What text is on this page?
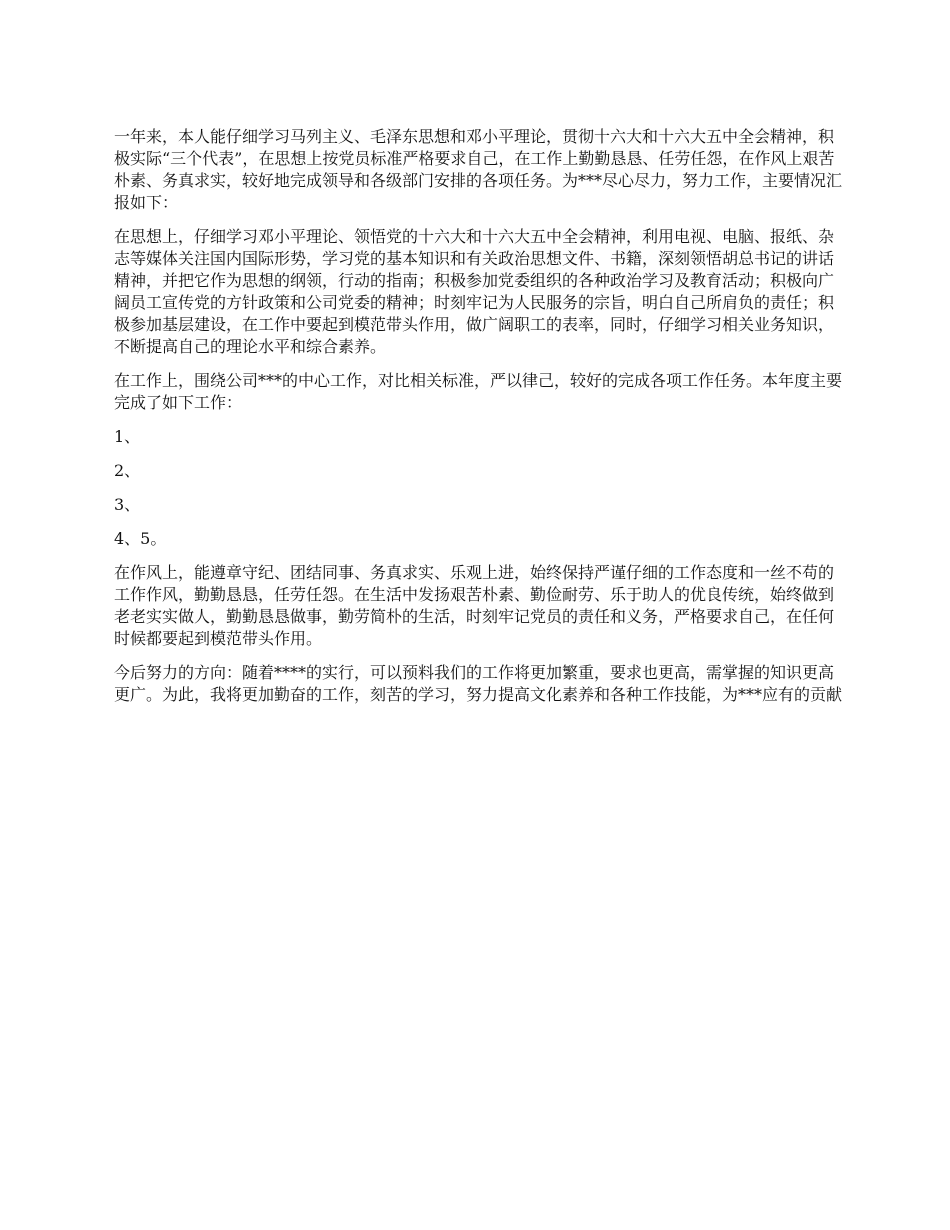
一年来，本人能仔细学习马列主义、毛泽东思想和邓小平理论，贯彻十六大和十六大五中全会精神，积极实际“三个代表”，在思想上按党员标准严格要求自己，在工作上勤勤恳恳、任劳任怨，在作风上艰苦朴素、务真求实，较好地完成领导和各级部门安排的各项任务。为***尽心尽力，努力工作，主要情况汇报如下：

在思想上，仔细学习邓小平理论、领悟党的十六大和十六大五中全会精神，利用电视、电脑、报纸、杂志等媒体关注国内国际形势，学习党的基本知识和有关政治思想文件、书籍，深刻领悟胡总书记的讲话精神，并把它作为思想的纲领，行动的指南；积极参加党委组织的各种政治学习及教育活动；积极向广阔员工宣传党的方针政策和公司党委的精神；时刻牢记为人民服务的宗旨，明白自己所肩负的责任；积极参加基层建设，在工作中要起到模范带头作用，做广阔职工的表率，同时，仔细学习相关业务知识，不断提高自己的理论水平和综合素养。

在工作上，围绕公司***的中心工作，对比相关标准，严以律己，较好的完成各项工作任务。本年度主要完成了如下工作：

1、

2、

3、

4、5。

在作风上，能遵章守纪、团结同事、务真求实、乐观上进，始终保持严谨仔细的工作态度和一丝不苟的工作作风，勤勤恳恳，任劳任怨。在生活中发扬艰苦朴素、勤俭耐劳、乐于助人的优良传统，始终做到老老实实做人，勤勤恳恳做事，勤劳简朴的生活，时刻牢记党员的责任和义务，严格要求自己，在任何时候都要起到模范带头作用。

今后努力的方向：随着****的实行，可以预料我们的工作将更加繁重，要求也更高，需掌握的知识更高更广。为此，我将更加勤奋的工作，刻苦的学习，努力提高文化素养和各种工作技能，为***应有的贡献
